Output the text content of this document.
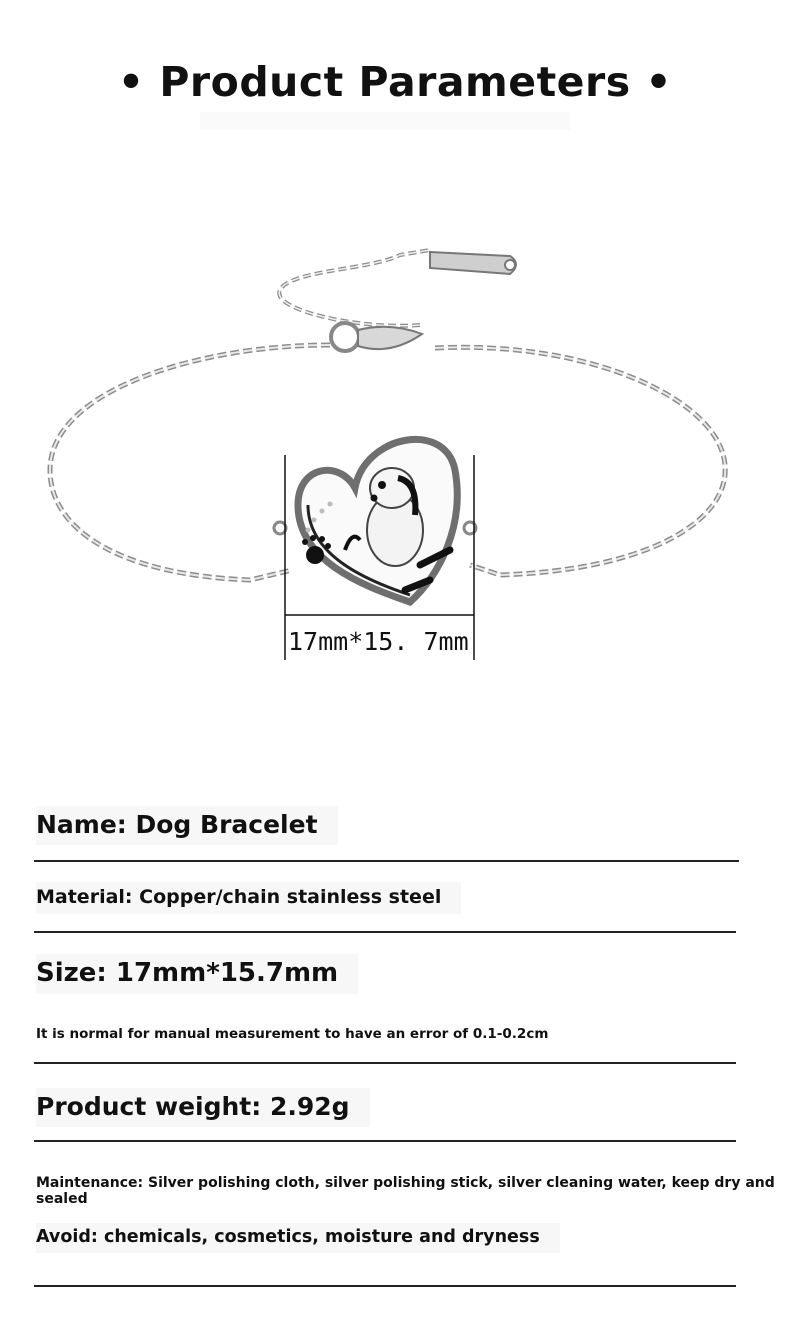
• Product Parameters •
17mm*15. 7mm
Name: Dog Bracelet
Material: Copper/chain stainless steel
Size: 17mm*15.7mm
It is normal for manual measurement to have an error of 0.1-0.2cm
Product weight: 2.92g
Maintenance: Silver polishing cloth, silver polishing stick, silver cleaning water, keep dry and sealed
Avoid: chemicals, cosmetics, moisture and dryness
